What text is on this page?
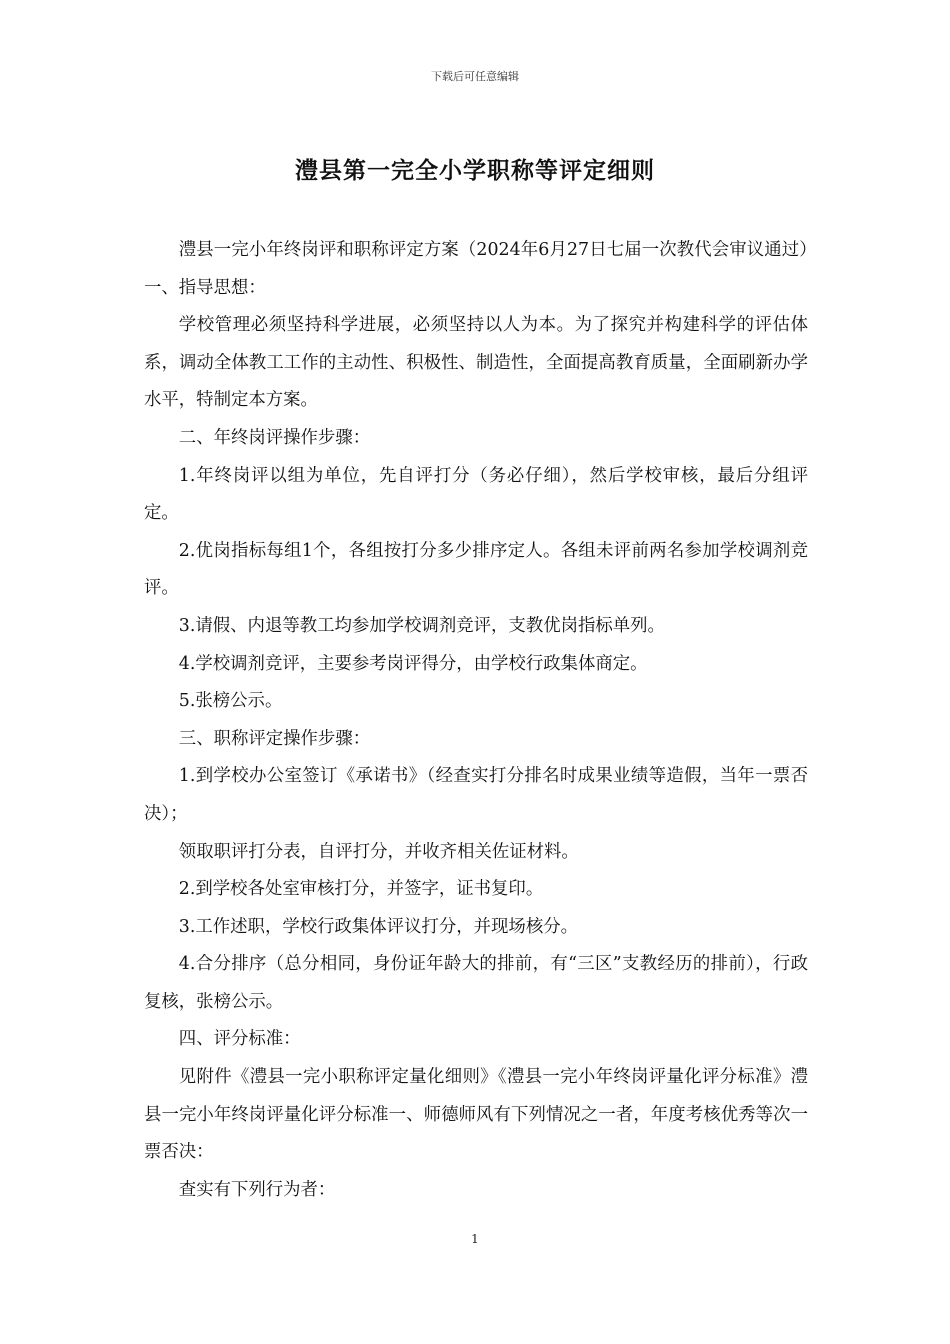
下载后可任意编辑
澧县第一完全小学职称等评定细则

澧县一完小年终岗评和职称评定方案（2024年6月27日七届一次教代会审议通过）一、指导思想：

学校管理必须坚持科学进展，必须坚持以人为本。为了探究并构建科学的评估体系，调动全体教工工作的主动性、积极性、制造性，全面提高教育质量，全面刷新办学水平，特制定本方案。

二、年终岗评操作步骤：

1.年终岗评以组为单位，先自评打分（务必仔细），然后学校审核，最后分组评定。

2.优岗指标每组1个，各组按打分多少排序定人。各组未评前两名参加学校调剂竞评。

3.请假、内退等教工均参加学校调剂竞评，支教优岗指标单列。

4.学校调剂竞评，主要参考岗评得分，由学校行政集体商定。

5.张榜公示。

三、职称评定操作步骤：

1.到学校办公室签订《承诺书》（经查实打分排名时成果业绩等造假，当年一票否决）；

领取职评打分表，自评打分，并收齐相关佐证材料。

2.到学校各处室审核打分，并签字，证书复印。

3.工作述职，学校行政集体评议打分，并现场核分。

4.合分排序（总分相同，身份证年龄大的排前，有“三区”支教经历的排前），行政复核，张榜公示。

四、评分标准：

见附件《澧县一完小职称评定量化细则》《澧县一完小年终岗评量化评分标准》澧县一完小年终岗评量化评分标准一、师德师风有下列情况之一者，年度考核优秀等次一票否决：

查实有下列行为者：

1
